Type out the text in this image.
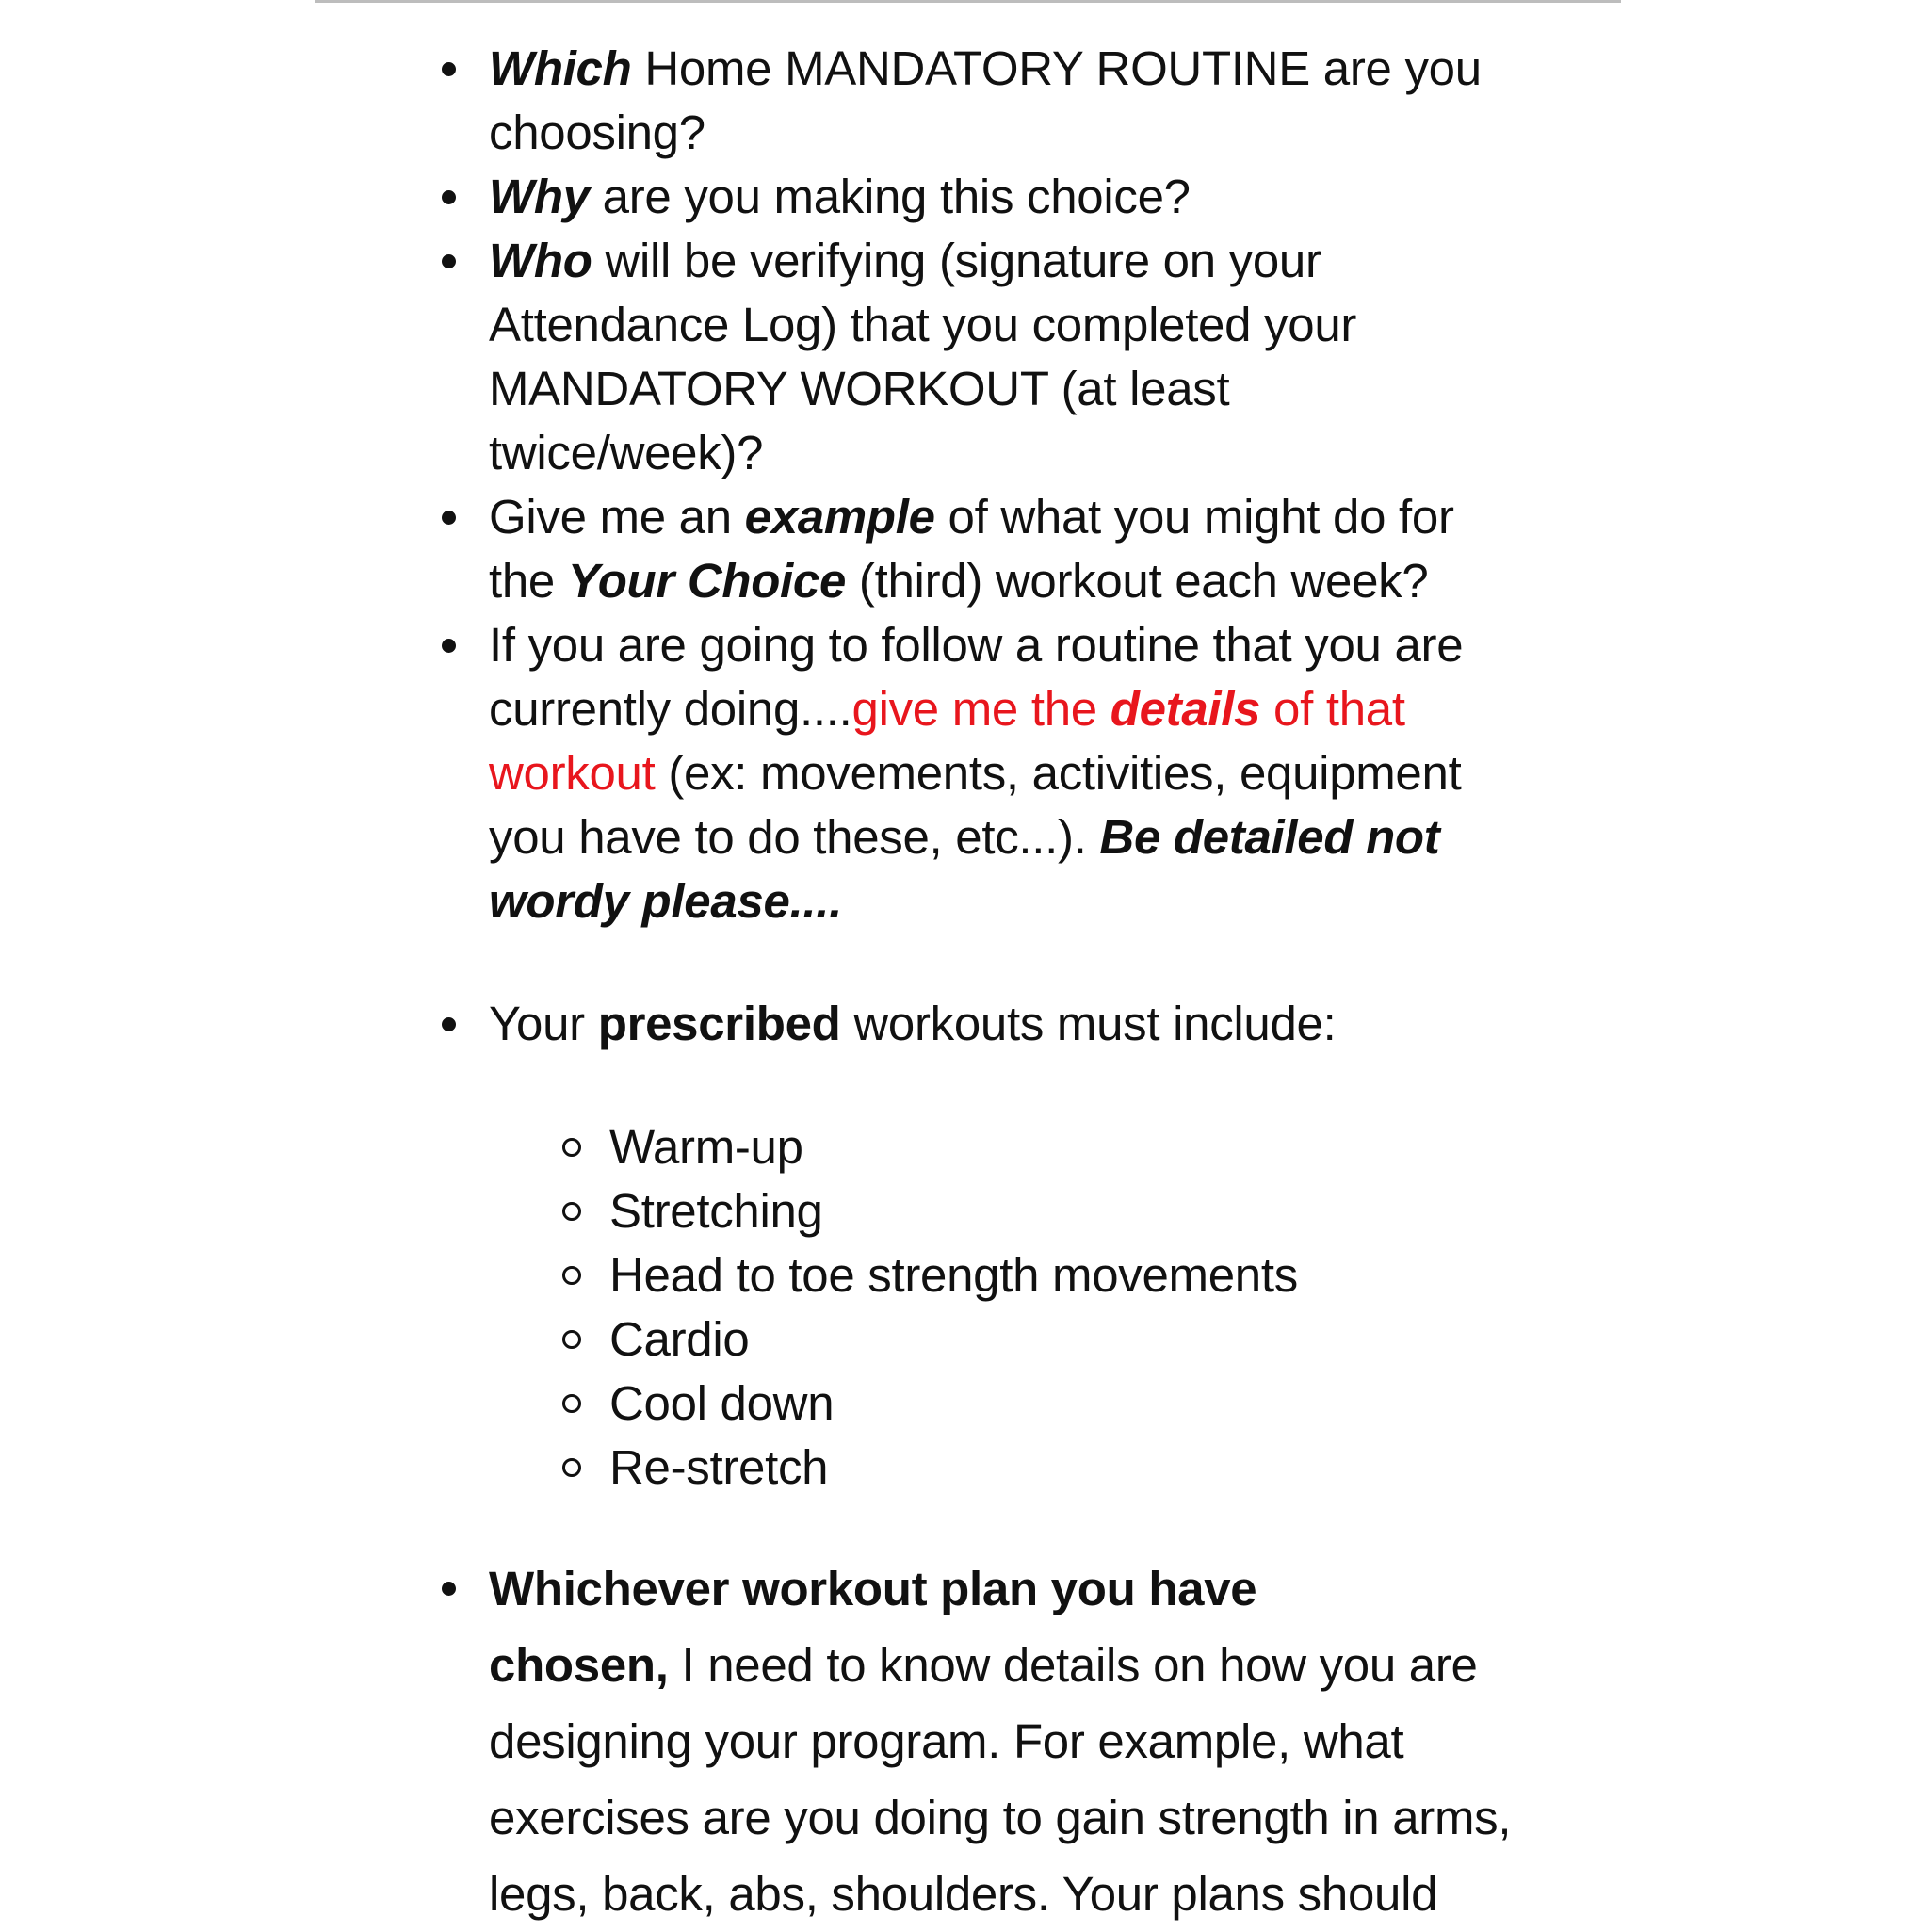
Which Home MANDATORY ROUTINE are you
choosing?
Why are you making this choice?
Who will be verifying (signature on your
Attendance Log) that you completed your
MANDATORY WORKOUT (at least
twice/week)?
Give me an example of what you might do for
the Your Choice (third) workout each week?
If you are going to follow a routine that you are
currently doing....give me the details of that
workout (ex: movements, activities, equipment
you have to do these, etc...). Be detailed not
wordy please....
Your prescribed workouts must include:
Warm-up
Stretching
Head to toe strength movements
Cardio
Cool down
Re-stretch
Whichever workout plan you have
chosen, I need to know details on how you are
designing your program. For example, what
exercises are you doing to gain strength in arms,
legs, back, abs, shoulders. Your plans should
